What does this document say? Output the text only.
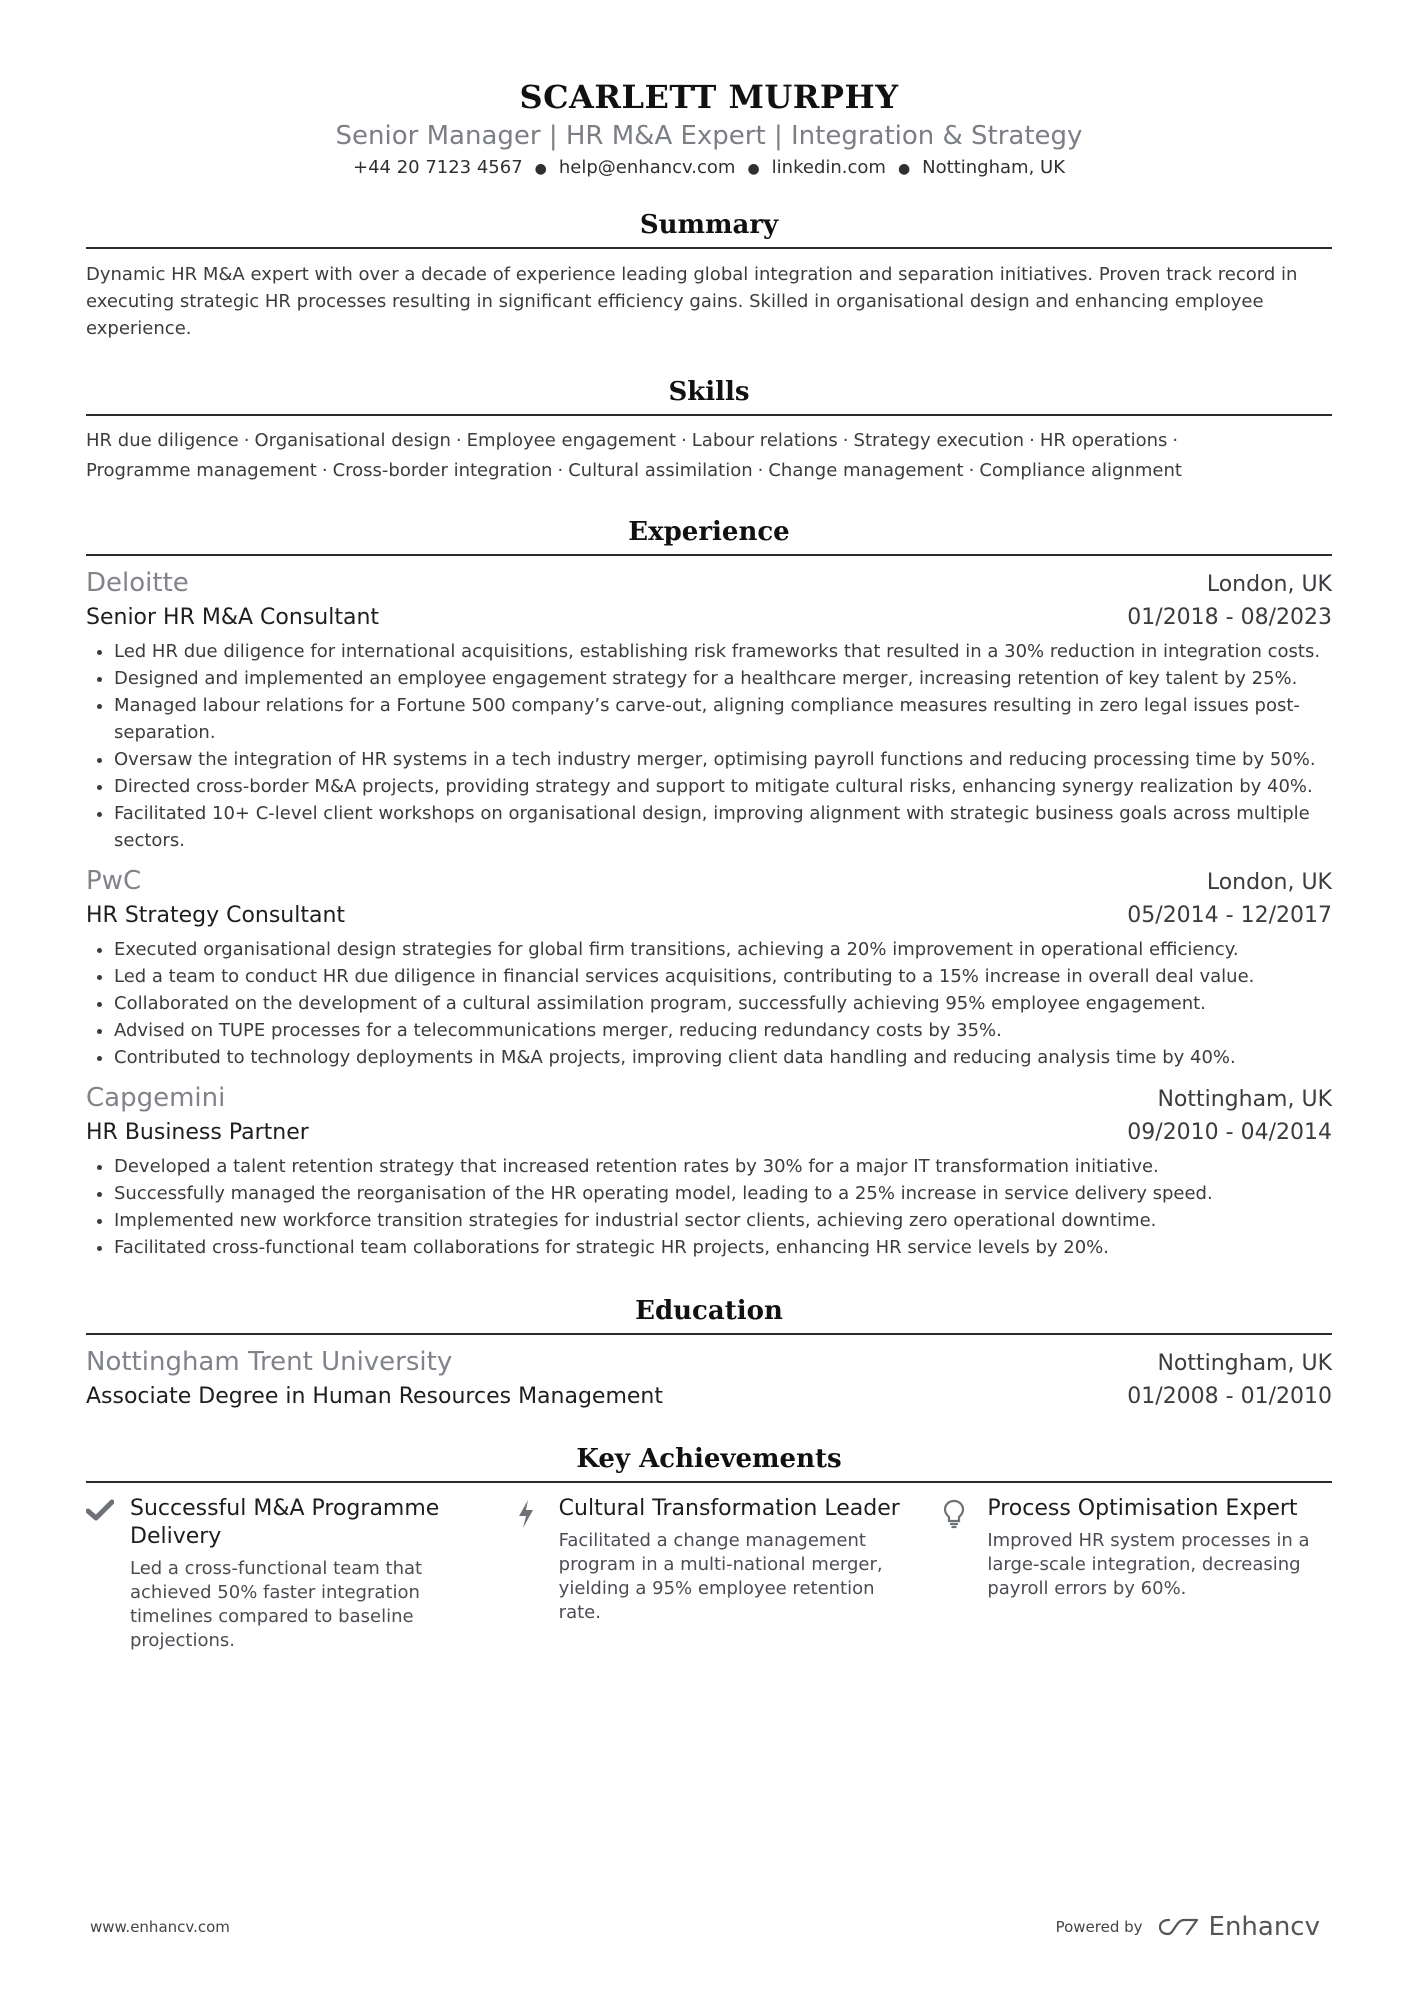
SCARLETT MURPHY
Senior Manager | HR M&A Expert | Integration & Strategy
+44 20 7123 4567 ● help@enhancv.com ● linkedin.com ● Nottingham, UK
Summary
Dynamic HR M&A expert with over a decade of experience leading global integration and separation initiatives. Proven track record in executing strategic HR processes resulting in significant efficiency gains. Skilled in organisational design and enhancing employee experience.
Skills
HR due diligence · Organisational design · Employee engagement · Labour relations · Strategy execution · HR operations ·
Programme management · Cross-border integration · Cultural assimilation · Change management · Compliance alignment
Experience
Deloitte	London, UK
Senior HR M&A Consultant	01/2018 - 08/2023
• Led HR due diligence for international acquisitions, establishing risk frameworks that resulted in a 30% reduction in integration costs.
• Designed and implemented an employee engagement strategy for a healthcare merger, increasing retention of key talent by 25%.
• Managed labour relations for a Fortune 500 company’s carve-out, aligning compliance measures resulting in zero legal issues post-separation.
• Oversaw the integration of HR systems in a tech industry merger, optimising payroll functions and reducing processing time by 50%.
• Directed cross-border M&A projects, providing strategy and support to mitigate cultural risks, enhancing synergy realization by 40%.
• Facilitated 10+ C-level client workshops on organisational design, improving alignment with strategic business goals across multiple sectors.
PwC	London, UK
HR Strategy Consultant	05/2014 - 12/2017
• Executed organisational design strategies for global firm transitions, achieving a 20% improvement in operational efficiency.
• Led a team to conduct HR due diligence in financial services acquisitions, contributing to a 15% increase in overall deal value.
• Collaborated on the development of a cultural assimilation program, successfully achieving 95% employee engagement.
• Advised on TUPE processes for a telecommunications merger, reducing redundancy costs by 35%.
• Contributed to technology deployments in M&A projects, improving client data handling and reducing analysis time by 40%.
Capgemini	Nottingham, UK
HR Business Partner	09/2010 - 04/2014
• Developed a talent retention strategy that increased retention rates by 30% for a major IT transformation initiative.
• Successfully managed the reorganisation of the HR operating model, leading to a 25% increase in service delivery speed.
• Implemented new workforce transition strategies for industrial sector clients, achieving zero operational downtime.
• Facilitated cross-functional team collaborations for strategic HR projects, enhancing HR service levels by 20%.
Education
Nottingham Trent University	Nottingham, UK
Associate Degree in Human Resources Management	01/2008 - 01/2010
Key Achievements
Successful M&A Programme Delivery
Led a cross-functional team that achieved 50% faster integration timelines compared to baseline projections.
Cultural Transformation Leader
Facilitated a change management program in a multi-national merger, yielding a 95% employee retention rate.
Process Optimisation Expert
Improved HR system processes in a large-scale integration, decreasing payroll errors by 60%.
www.enhancv.com	Powered by	Enhancv
